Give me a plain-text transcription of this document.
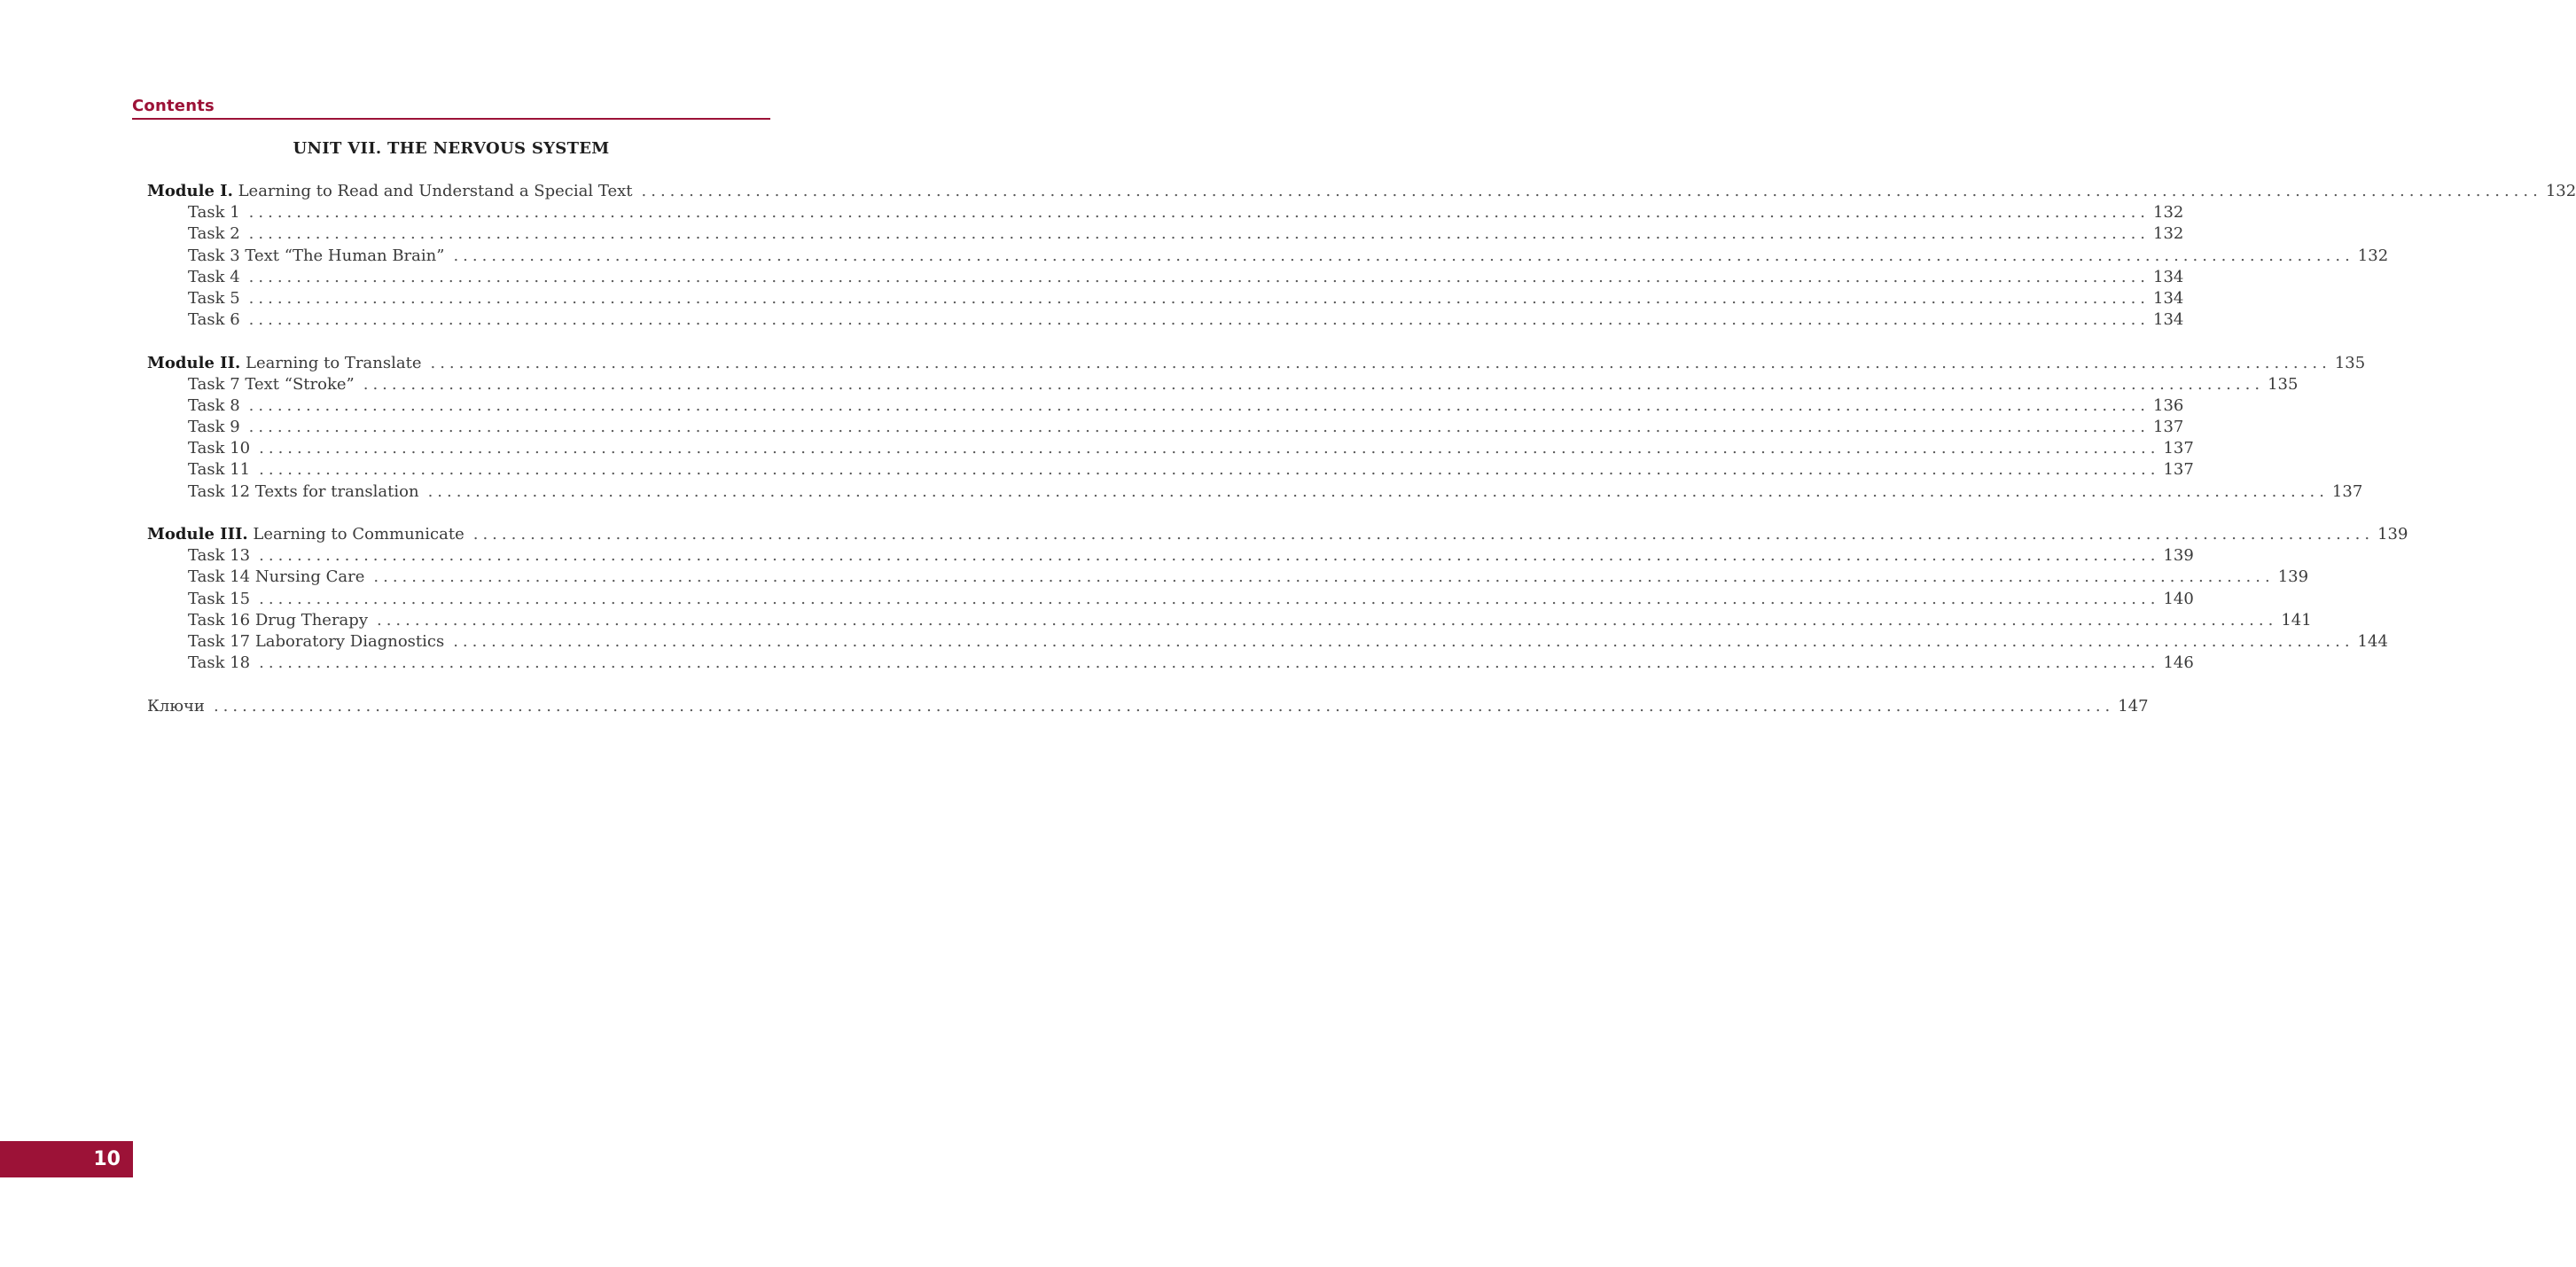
Contents
UNIT VII. THE NERVOUS SYSTEM
Module I. Learning to Read and Understand a Special Text ........................................................................................................................................................................................................ 132
Task 1 ........................................................................................................................................................................................................ 132
Task 2 ........................................................................................................................................................................................................ 132
Task 3 Text “The Human Brain” ........................................................................................................................................................................................................ 132
Task 4 ........................................................................................................................................................................................................ 134
Task 5 ........................................................................................................................................................................................................ 134
Task 6 ........................................................................................................................................................................................................ 134
Module II. Learning to Translate ........................................................................................................................................................................................................ 135
Task 7 Text “Stroke” ........................................................................................................................................................................................................ 135
Task 8 ........................................................................................................................................................................................................ 136
Task 9 ........................................................................................................................................................................................................ 137
Task 10 ........................................................................................................................................................................................................ 137
Task 11 ........................................................................................................................................................................................................ 137
Task 12 Texts for translation ........................................................................................................................................................................................................ 137
Module III. Learning to Communicate ........................................................................................................................................................................................................ 139
Task 13 ........................................................................................................................................................................................................ 139
Task 14 Nursing Care ........................................................................................................................................................................................................ 139
Task 15 ........................................................................................................................................................................................................ 140
Task 16 Drug Therapy ........................................................................................................................................................................................................ 141
Task 17 Laboratory Diagnostics ........................................................................................................................................................................................................ 144
Task 18 ........................................................................................................................................................................................................ 146
Ключи ........................................................................................................................................................................................................ 147
10
